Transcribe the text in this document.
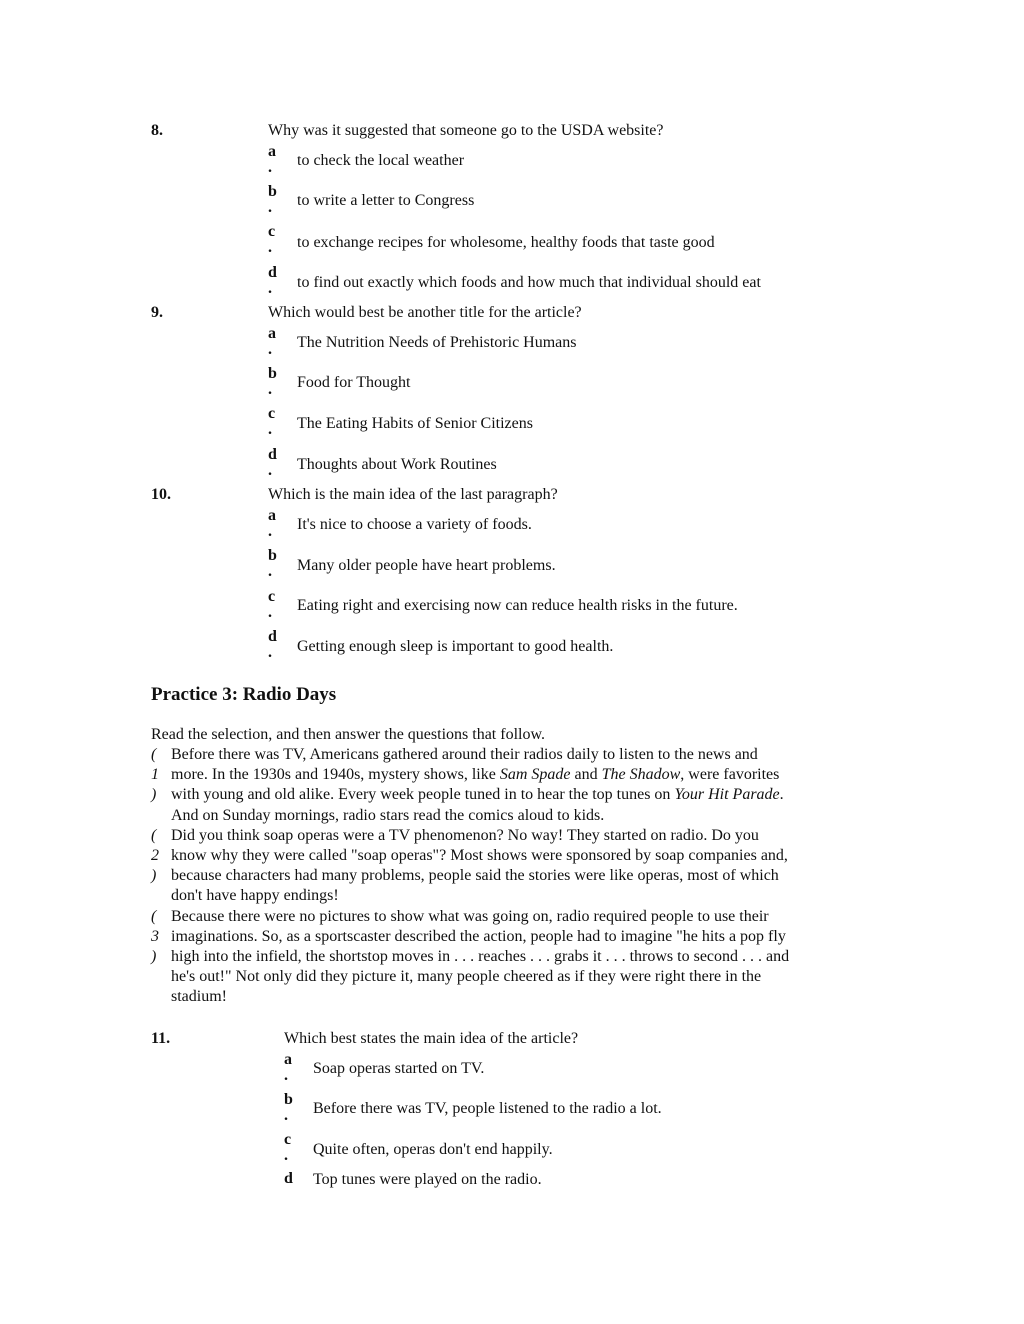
8.	Why was it suggested that someone go to the USDA website?
a
.	to check the local weather
b
.	to write a letter to Congress
c
.	to exchange recipes for wholesome, healthy foods that taste good
d
.	to find out exactly which foods and how much that individual should eat
9.	Which would best be another title for the article?
a
.	The Nutrition Needs of Prehistoric Humans
b
.	Food for Thought
c
.	The Eating Habits of Senior Citizens
d
.	Thoughts about Work Routines
10.	Which is the main idea of the last paragraph?
a
.	It's nice to choose a variety of foods.
b
.	Many older people have heart problems.
c
.	Eating right and exercising now can reduce health risks in the future.
d
.	Getting enough sleep is important to good health.
Practice 3: Radio Days
Read the selection, and then answer the questions that follow.
( Before there was TV, Americans gathered around their radios daily to listen to the news and
1 more. In the 1930s and 1940s, mystery shows, like Sam Spade and The Shadow, were favorites
) with young and old alike. Every week people tuned in to hear the top tunes on Your Hit Parade.
And on Sunday mornings, radio stars read the comics aloud to kids.
( Did you think soap operas were a TV phenomenon? No way! They started on radio. Do you
2 know why they were called "soap operas"? Most shows were sponsored by soap companies and,
) because characters had many problems, people said the stories were like operas, most of which
don't have happy endings!
( Because there were no pictures to show what was going on, radio required people to use their
3 imaginations. So, as a sportscaster described the action, people had to imagine "he hits a pop fly
) high into the infield, the shortstop moves in . . . reaches . . . grabs it . . . throws to second . . . and
he's out!" Not only did they picture it, many people cheered as if they were right there in the
stadium!
11.	Which best states the main idea of the article?
a
.	Soap operas started on TV.
b
.	Before there was TV, people listened to the radio a lot.
c
.	Quite often, operas don't end happily.
d Top tunes were played on the radio.
